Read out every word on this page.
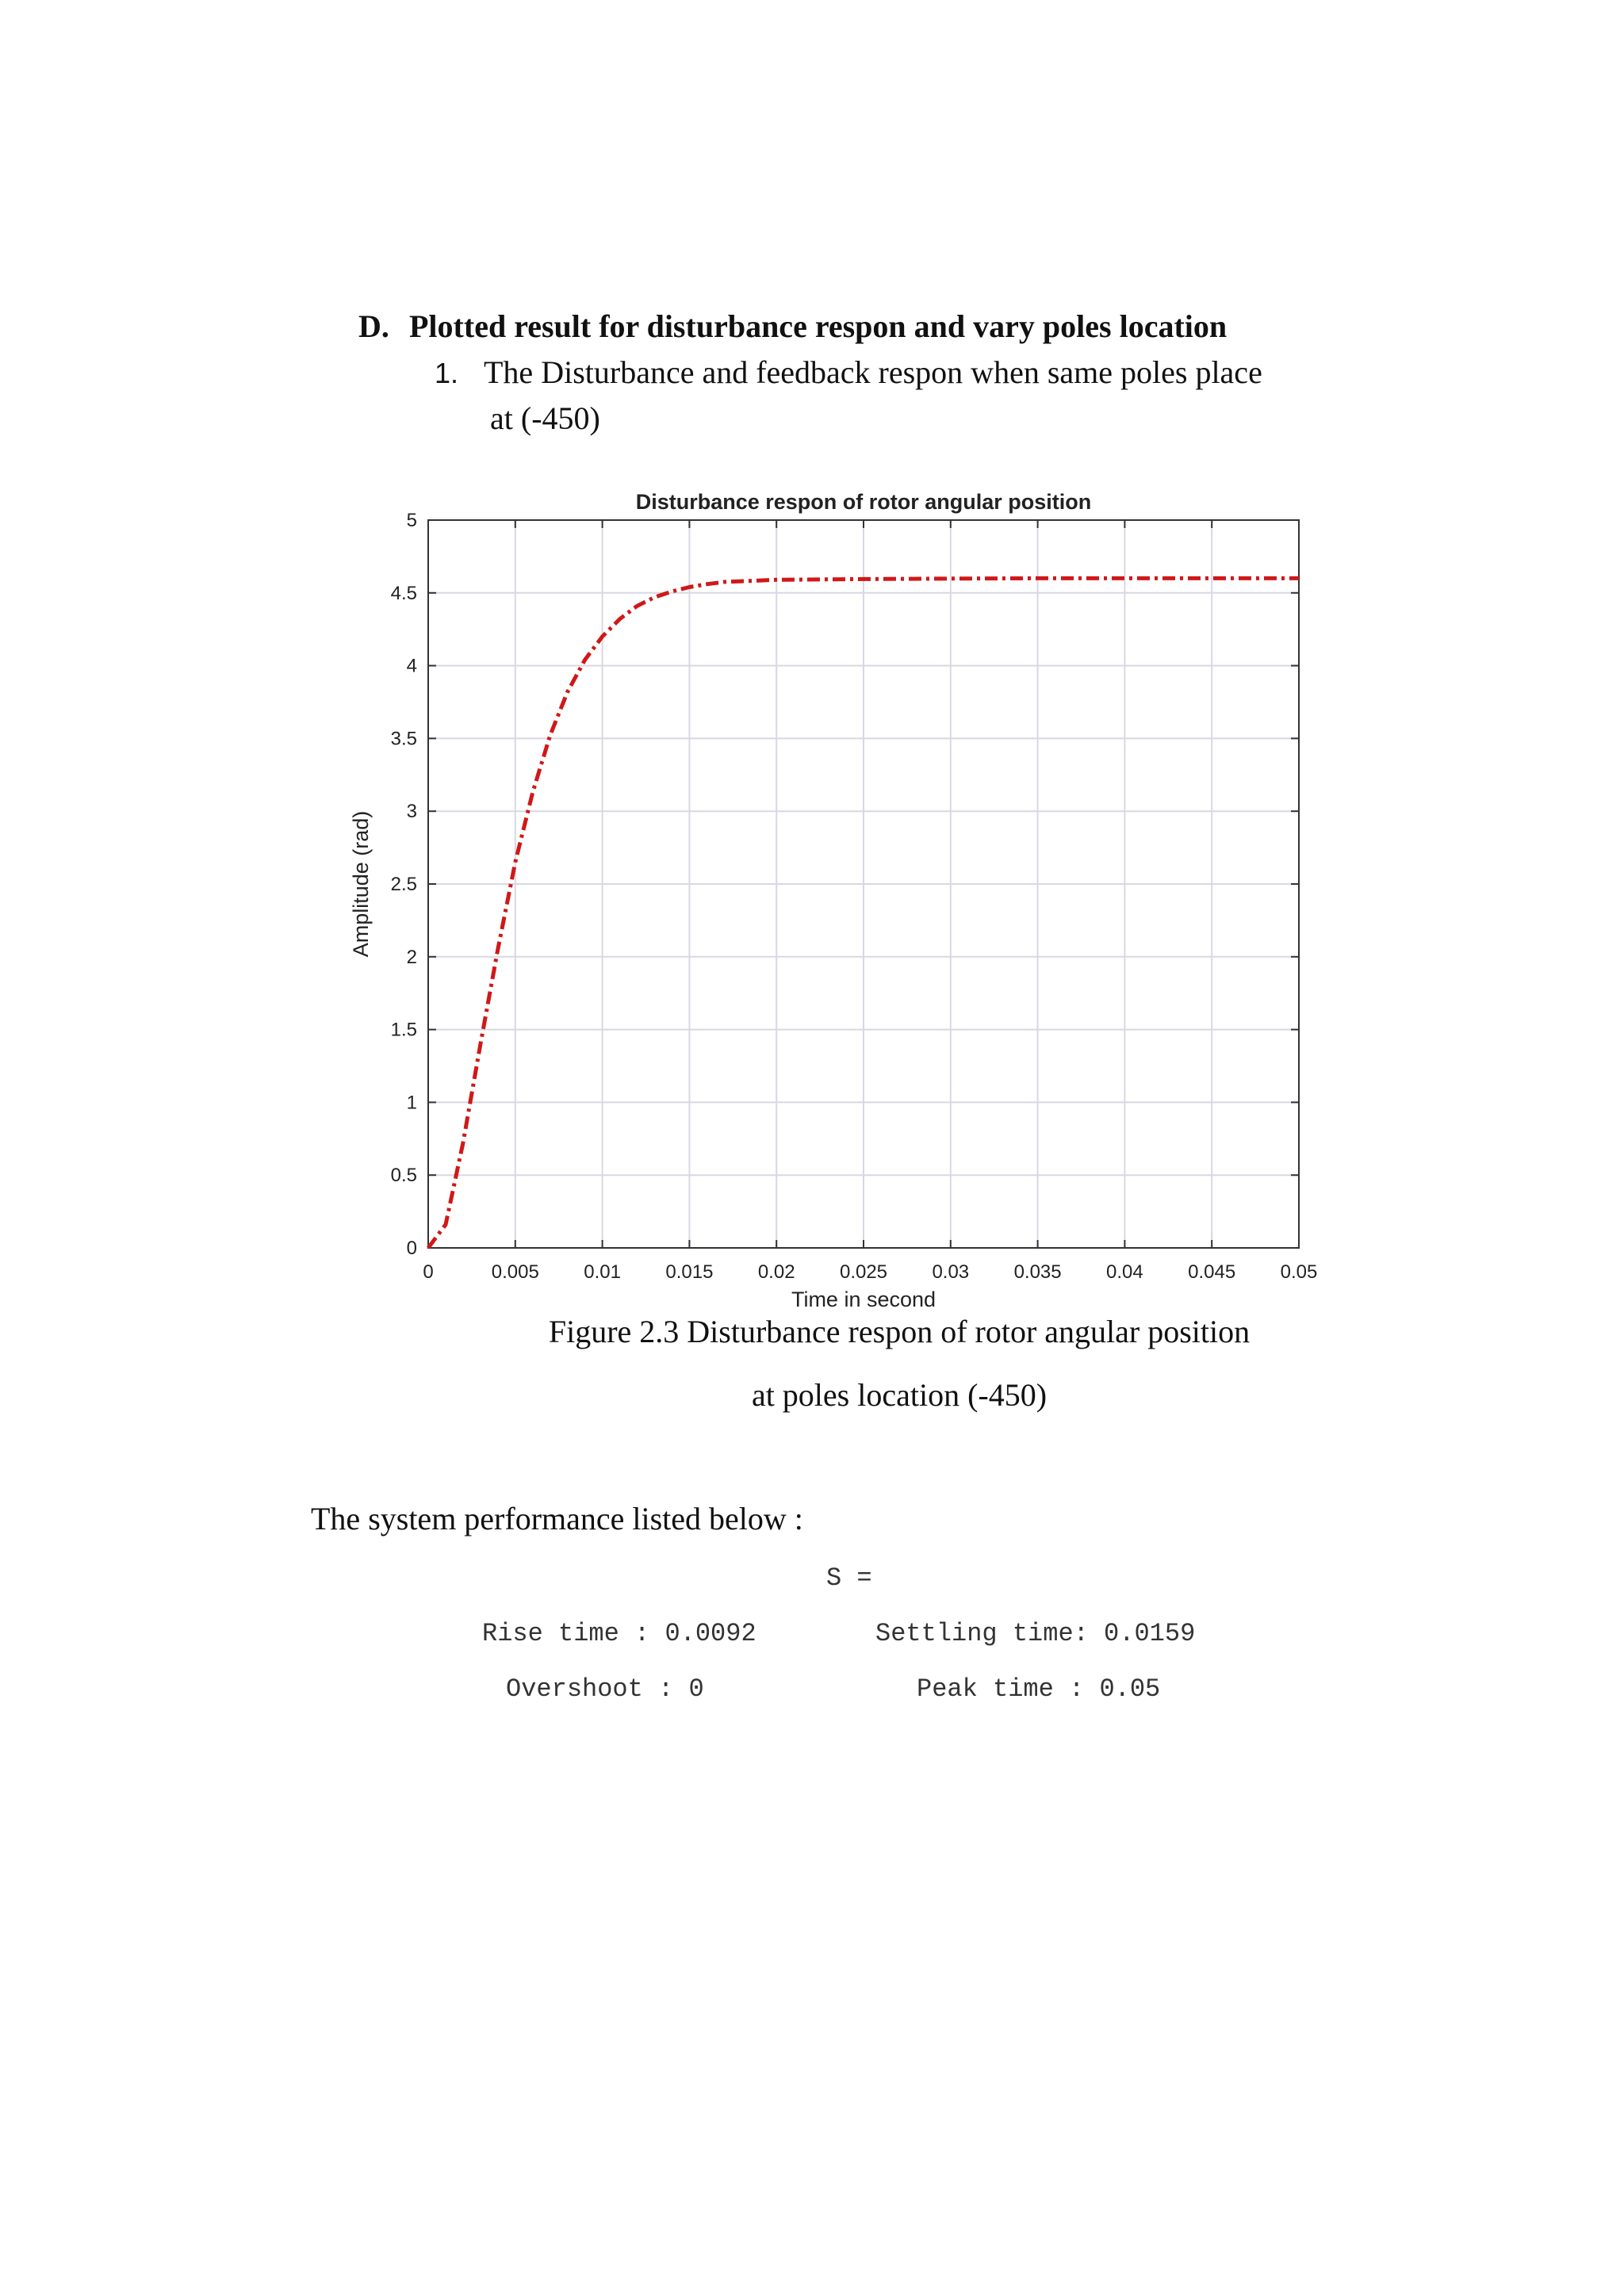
D. Plotted result for disturbance respon and vary poles location
1. The Disturbance and feedback respon when same poles place
at (-450)
0	0.005 0.01 0.015 0.02 0.025 0.03 0.035 0.04 0.045 0.05
0
0.5
1
1.5
2
2.5
3
3.5
4
4.5
5
Disturbance respon of rotor angular position
Time in second
Amplitude (rad)
Figure 2.3 Disturbance respon of rotor angular position
at poles location (-450)
The system performance listed below :
S =
Rise time : 0.0092	Settling time: 0.0159
Overshoot : 0	Peak time : 0.05
